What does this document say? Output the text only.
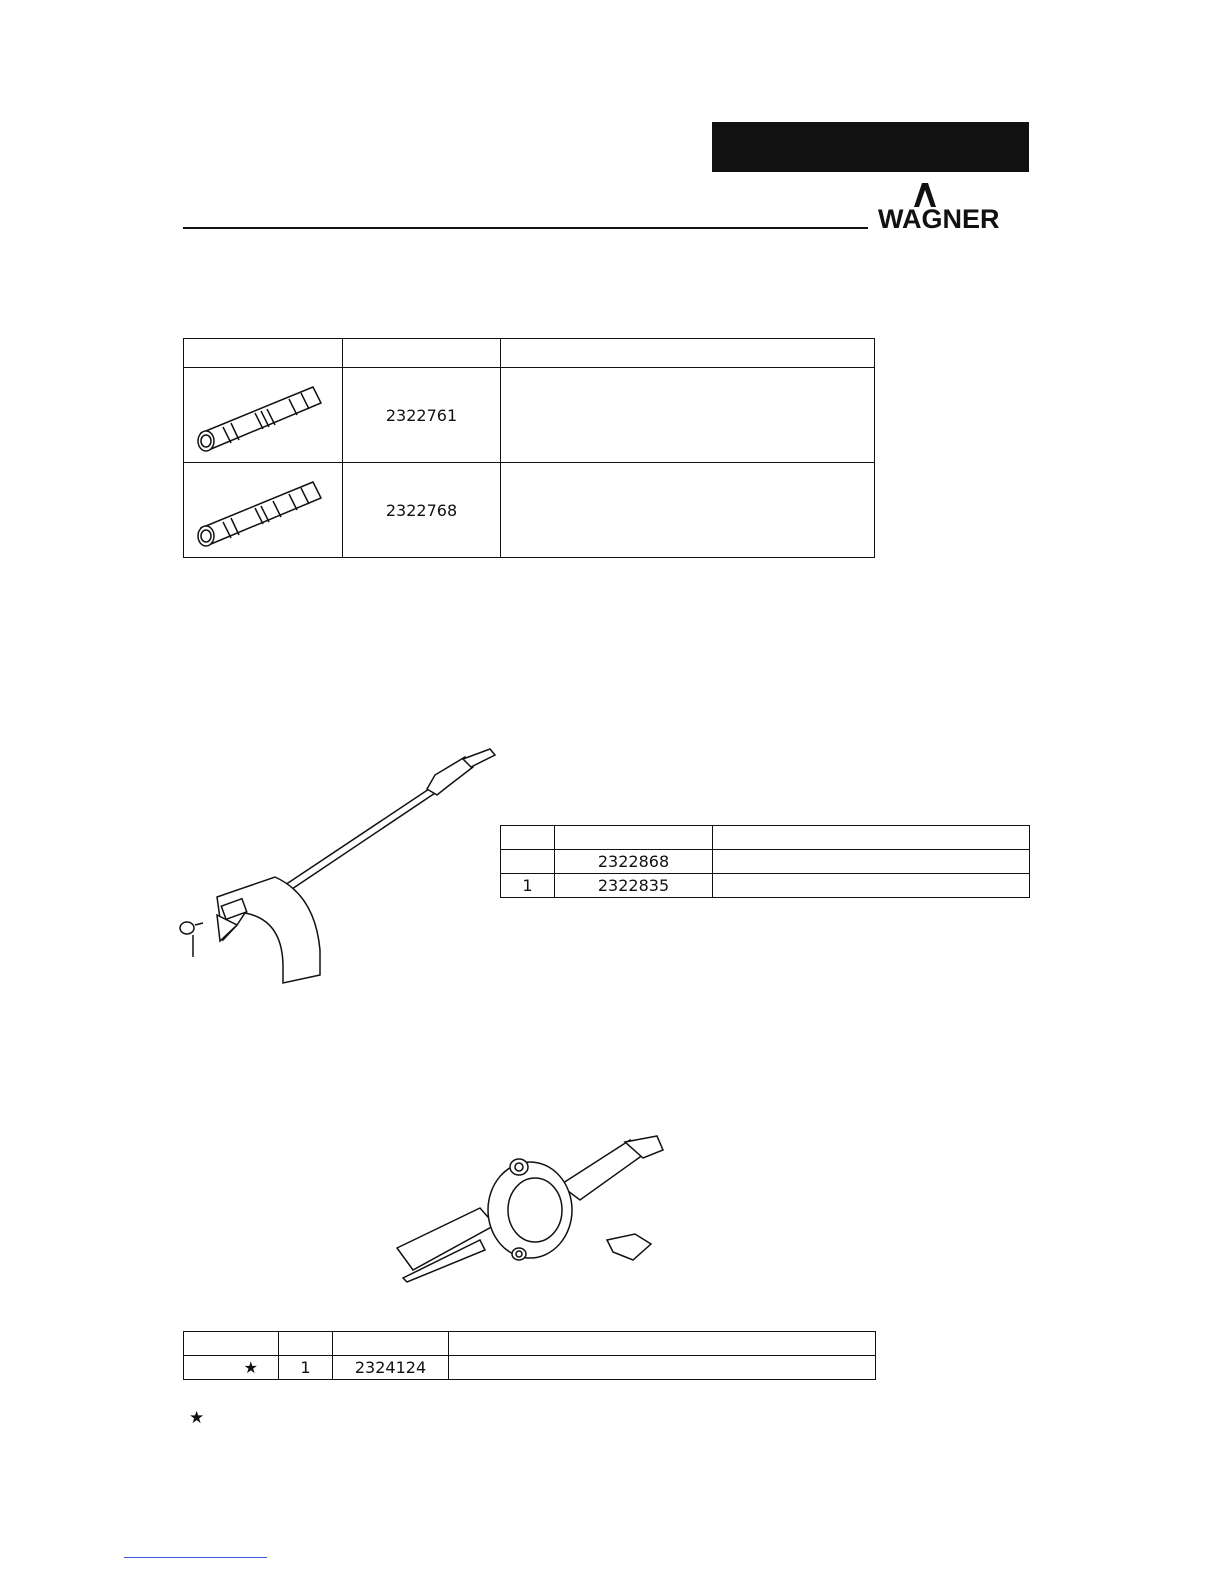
WAGNER

	2322761	
	2322768	

	2322868	
1	2322835	

★	1	2324124	
★
